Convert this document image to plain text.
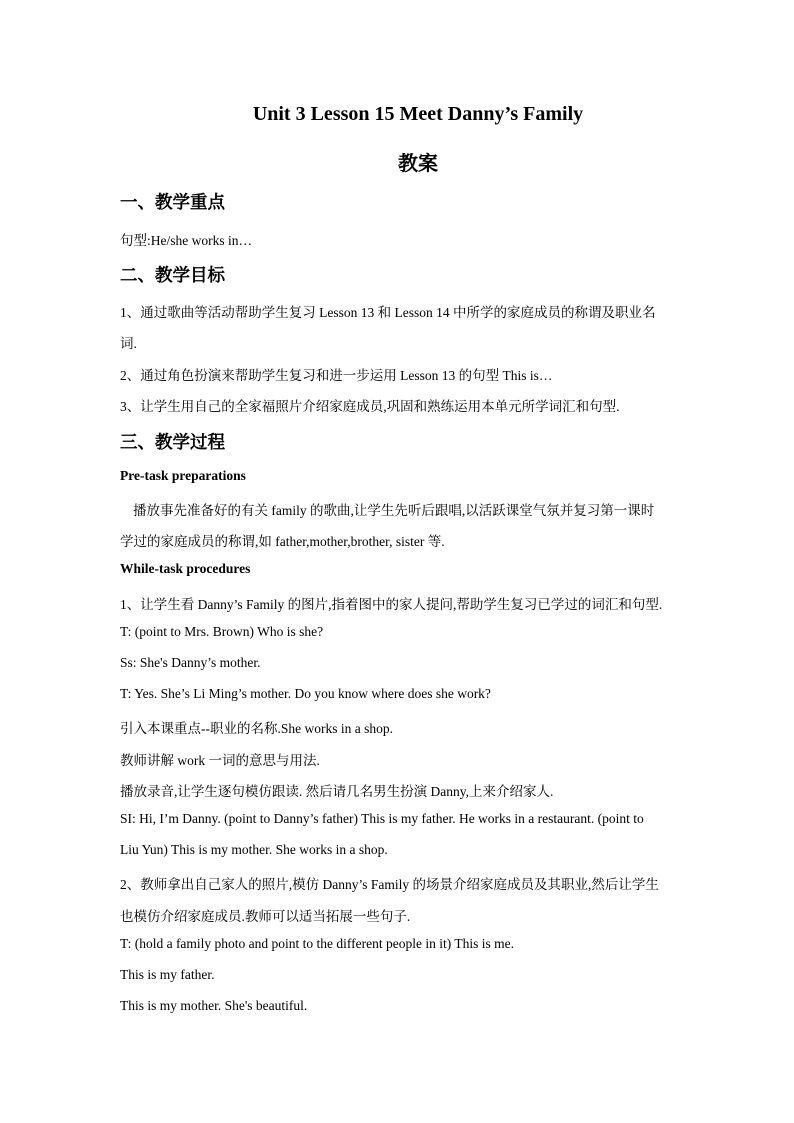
Unit 3 Lesson 15 Meet Danny’s Family
教案
一、教学重点
句型:He/she works in…
二、教学目标
1、通过歌曲等活动帮助学生复习 Lesson 13 和 Lesson 14 中所学的家庭成员的称谓及职业名
词.
2、通过角色扮演来帮助学生复习和进一步运用 Lesson 13 的句型 This is…
3、让学生用自己的全家福照片介绍家庭成员,巩固和熟练运用本单元所学词汇和句型.
三、教学过程
Pre-task preparations
播放事先准备好的有关 family 的歌曲,让学生先听后跟唱,以活跃课堂气氛并复习第一课时
学过的家庭成员的称谓,如 father,mother,brother, sister 等.
While-task procedures
1、让学生看 Danny’s Family 的图片,指着图中的家人提问,帮助学生复习已学过的词汇和句型.
T: (point to Mrs. Brown) Who is she?
Ss: She's Danny’s mother.
T: Yes. She’s Li Ming’s mother. Do you know where does she work?
引入本课重点--职业的名称.She works in a shop.
教师讲解 work 一词的意思与用法.
播放录音,让学生逐句模仿跟读. 然后请几名男生扮演 Danny,上来介绍家人.
SI: Hi, I’m Danny. (point to Danny’s father) This is my father. He works in a restaurant. (point to
Liu Yun) This is my mother. She works in a shop.
2、教师拿出自己家人的照片,模仿 Danny’s Family 的场景介绍家庭成员及其职业,然后让学生
也模仿介绍家庭成员.教师可以适当拓展一些句子.
T: (hold a family photo and point to the different people in it) This is me.
This is my father.
This is my mother. She's beautiful.
